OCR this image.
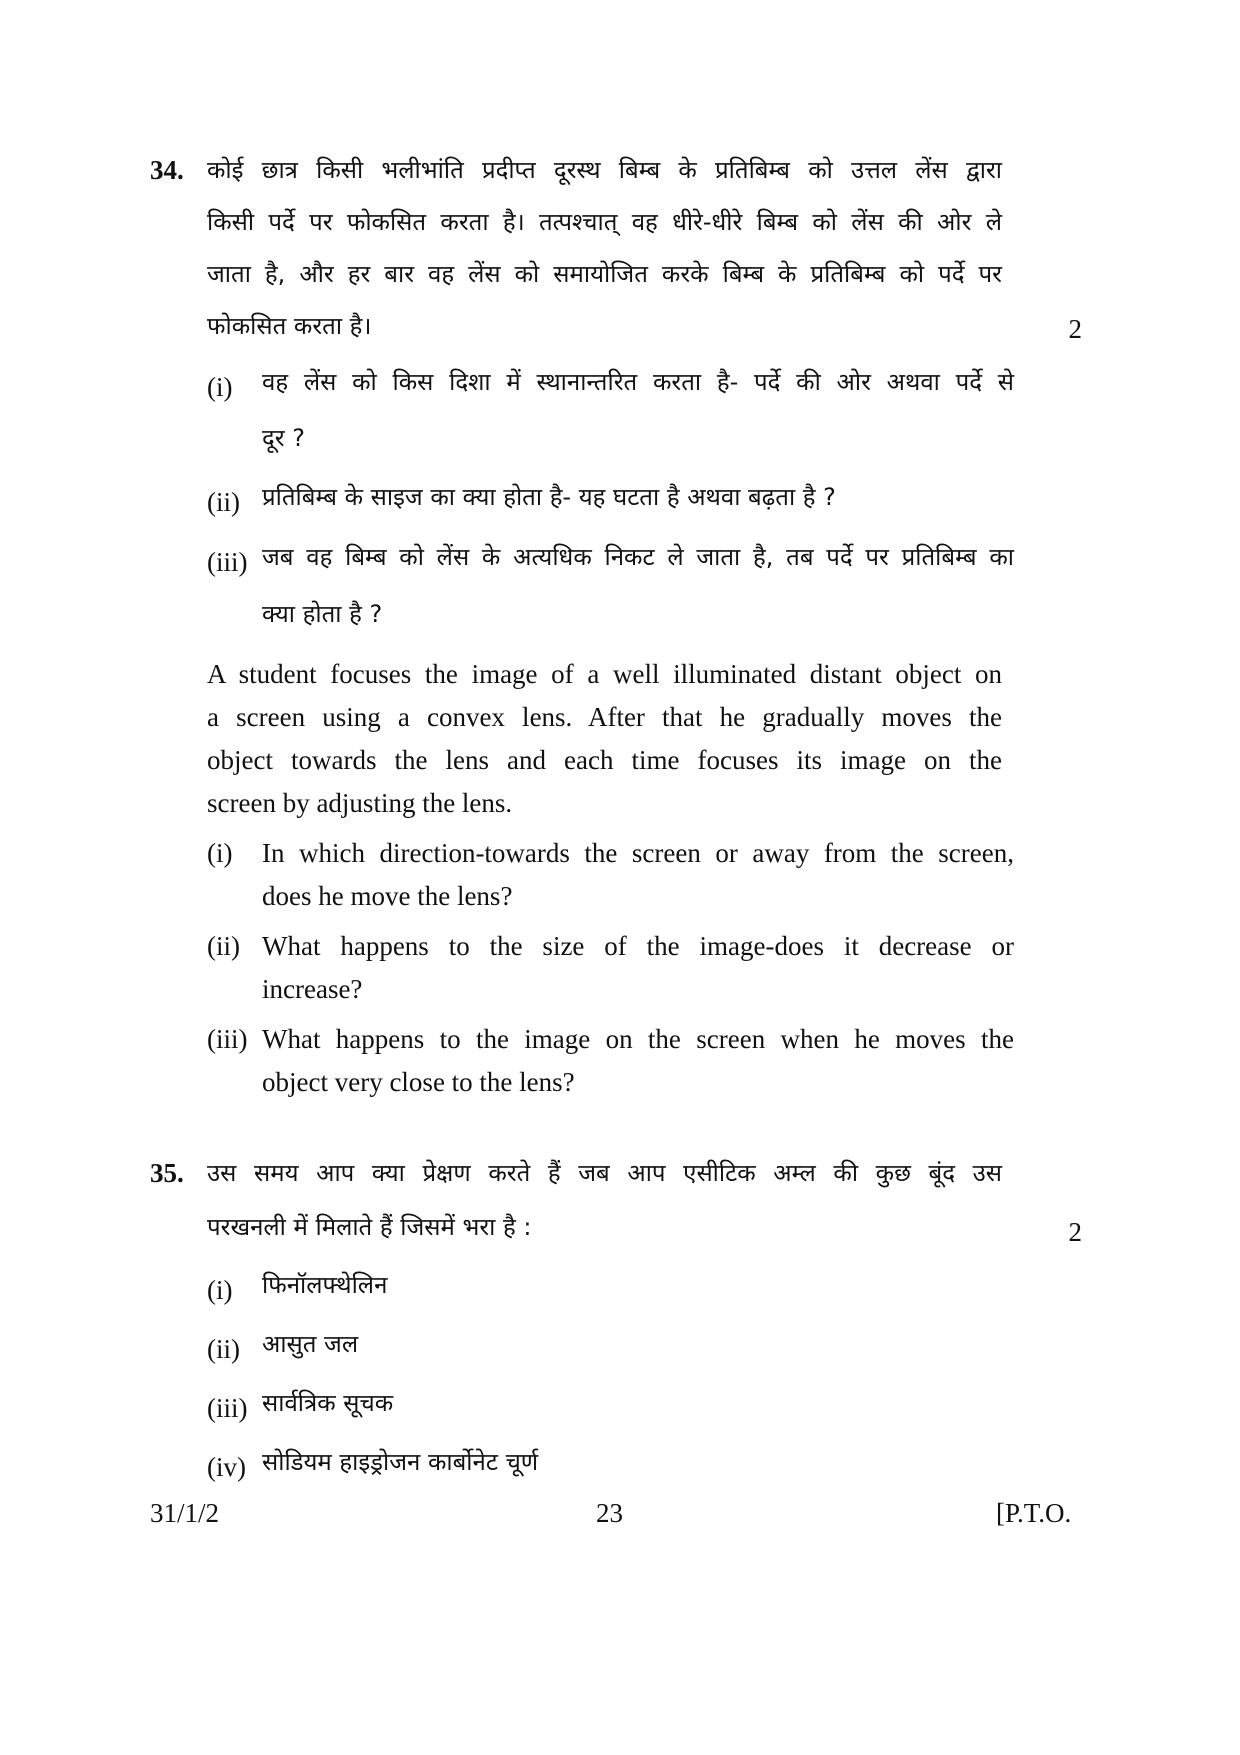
34. कोई छात्र किसी भलीभांति प्रदीप्त दूरस्थ बिम्ब के प्रतिबिम्ब को उत्तल लेंस द्वारा
किसी पर्दे पर फोकसित करता है। तत्पश्चात् वह धीरे-धीरे बिम्ब को लेंस की ओर ले
जाता है, और हर बार वह लेंस को समायोजित करके बिम्ब के प्रतिबिम्ब को पर्दे पर
फोकसित करता है।	2
(i) वह लेंस को किस दिशा में स्थानान्तरित करता है- पर्दे की ओर अथवा पर्दे से
दूर ?
(ii) प्रतिबिम्ब के साइज का क्या होता है- यह घटता है अथवा बढ़ता है ?
(iii) जब वह बिम्ब को लेंस के अत्यधिक निकट ले जाता है, तब पर्दे पर प्रतिबिम्ब का
क्या होता है ?
A student focuses the image of a well illuminated distant object on
a screen using a convex lens. After that he gradually moves the
object towards the lens and each time focuses its image on the
screen by adjusting the lens.
(i) In which direction-towards the screen or away from the screen,
does he move the lens?
(ii) What happens to the size of the image-does it decrease or
increase?
(iii) What happens to the image on the screen when he moves the
object very close to the lens?
35. उस समय आप क्या प्रेक्षण करते हैं जब आप एसीटिक अम्ल की कुछ बूंद उस
परखनली में मिलाते हैं जिसमें भरा है :	2
(i) फिनॉलफ्थेलिन
(ii) आसुत जल
(iii) सार्वत्रिक सूचक
(iv) सोडियम हाइड्रोजन कार्बोनेट चूर्ण
31/1/2	23	[P.T.O.
